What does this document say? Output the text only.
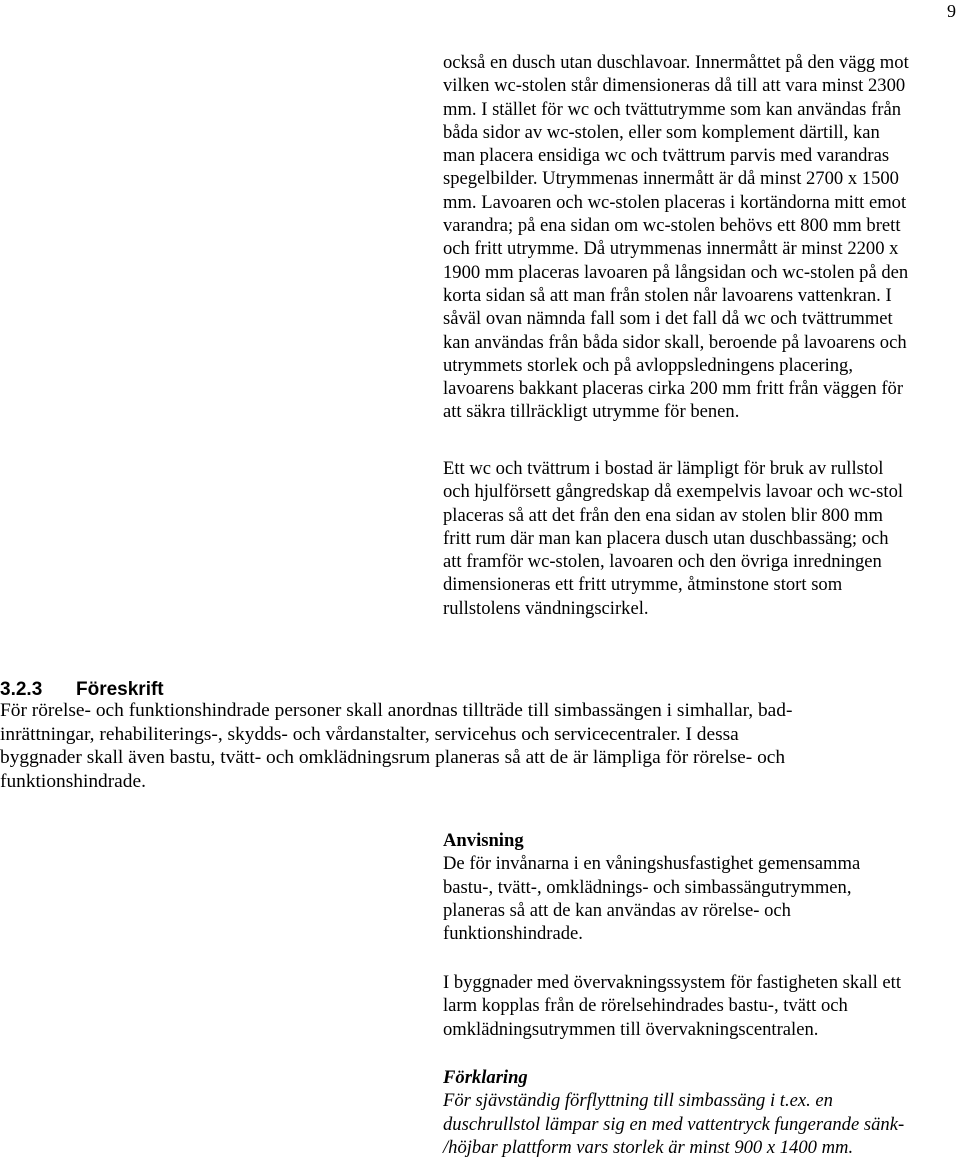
9

också en dusch utan duschlavoar. Innermåttet på den vägg mot
vilken wc-stolen står dimensioneras då till att vara minst 2300
mm. I stället för wc och tvättutrymme som kan användas från
båda sidor av wc-stolen, eller som komplement därtill, kan
man placera ensidiga wc och tvättrum parvis med varandras
spegelbilder. Utrymmenas innermått är då minst 2700 x 1500
mm. Lavoaren och wc-stolen placeras i kortändorna mitt emot
varandra; på ena sidan om wc-stolen behövs ett 800 mm brett
och fritt utrymme. Då utrymmenas innermått är minst 2200 x
1900 mm placeras lavoaren på långsidan och wc-stolen på den
korta sidan så att man från stolen når lavoarens vattenkran. I
såväl ovan nämnda fall som i det fall då wc och tvättrummet
kan användas från båda sidor skall, beroende på lavoarens och
utrymmets storlek och på avloppsledningens placering,
lavoarens bakkant placeras cirka 200 mm fritt från väggen för
att säkra tillräckligt utrymme för benen.

Ett wc och tvättrum i bostad är lämpligt för bruk av rullstol
och hjulförsett gångredskap då exempelvis lavoar och wc-stol
placeras så att det från den ena sidan av stolen blir 800 mm
fritt rum där man kan placera dusch utan duschbassäng; och
att framför wc-stolen, lavoaren och den övriga inredningen
dimensioneras ett fritt utrymme, åtminstone stort som
rullstolens vändningscirkel.

3.2.3 Föreskrift

För rörelse- och funktionshindrade personer skall anordnas tillträde till simbassängen i simhallar, bad-
inrättningar, rehabiliterings-, skydds- och vårdanstalter, servicehus och servicecentraler. I dessa
byggnader skall även bastu, tvätt- och omklädningsrum planeras så att de är lämpliga för rörelse- och
funktionshindrade.

Anvisning

De för invånarna i en våningshusfastighet gemensamma
bastu-, tvätt-, omklädnings- och simbassängutrymmen,
planeras så att de kan användas av rörelse- och
funktionshindrade.

I byggnader med övervakningssystem för fastigheten skall ett
larm kopplas från de rörelsehindrades bastu-, tvätt och
omklädningsutrymmen till övervakningscentralen.

Förklaring

För sjävständig förflyttning till simbassäng i t.ex. en
duschrullstol lämpar sig en med vattentryck fungerande sänk-
/höjbar plattform vars storlek är minst 900 x 1400 mm.
